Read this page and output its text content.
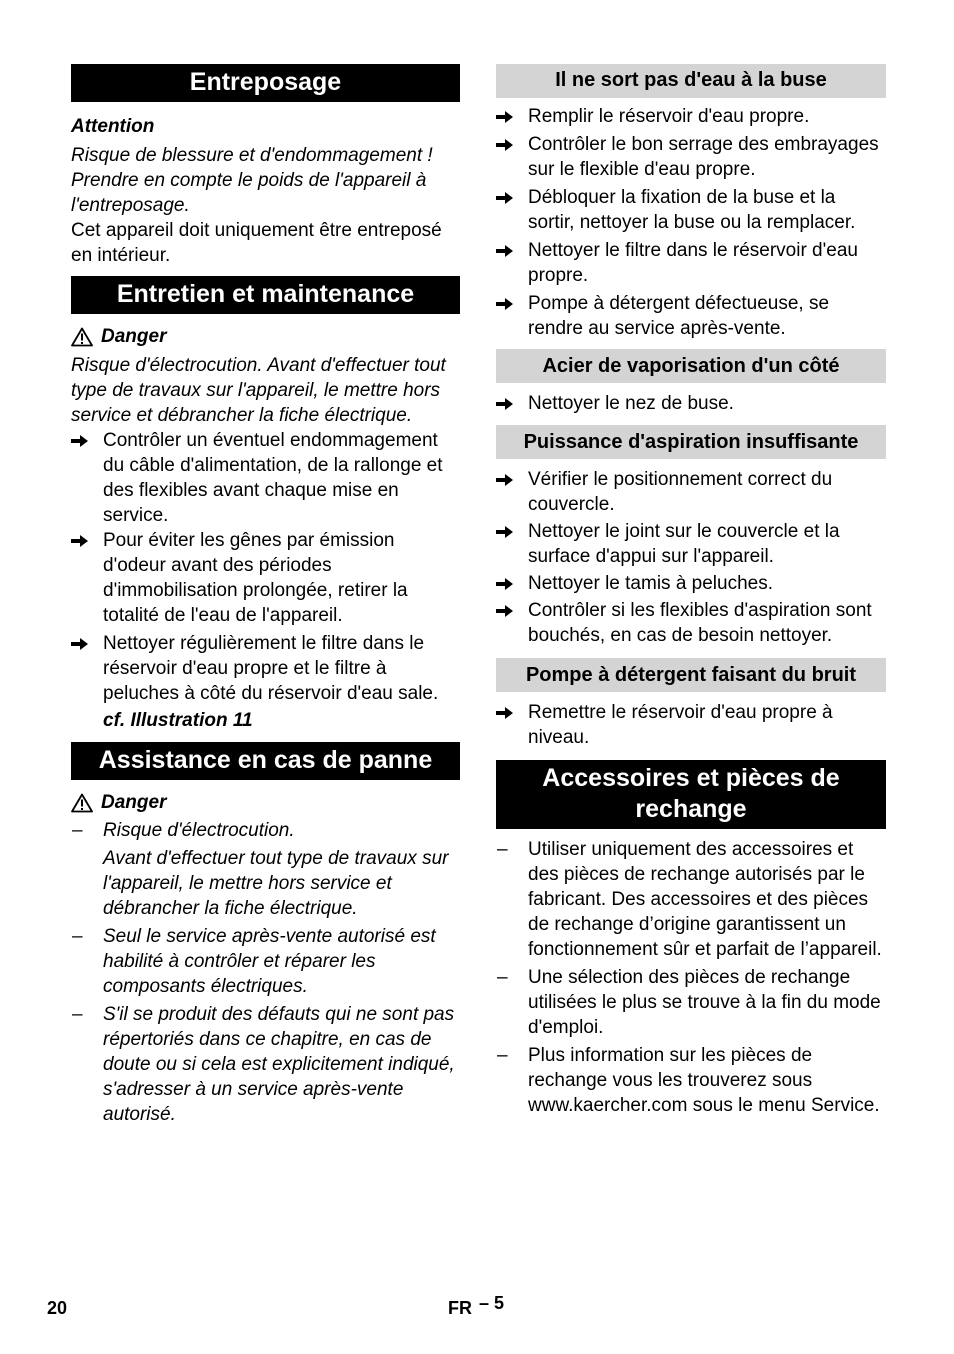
Entreposage

Attention

Risque de blessure et d'endommagement ! Prendre en compte le poids de l'appareil à l'entreposage.

Cet appareil doit uniquement être entreposé en intérieur.

Entretien et maintenance
Danger

Risque d'électrocution. Avant d'effectuer tout type de travaux sur l'appareil, le mettre hors service et débrancher la fiche électrique.

Contrôler un éventuel endommagement du câble d'alimentation, de la rallonge et des flexibles avant chaque mise en service.
Pour éviter les gênes par émission d'odeur avant des périodes d'immobilisation prolongée, retirer la totalité de l'eau de l'appareil.
Nettoyer régulièrement le filtre dans le réservoir d'eau propre et le filtre à peluches à côté du réservoir d'eau sale.

cf. Illustration 11

Assistance en cas de panne
Danger
– Risque d'électrocution.
Avant d'effectuer tout type de travaux sur l'appareil, le mettre hors service et débrancher la fiche électrique.
– Seul le service après-vente autorisé est habilité à contrôler et réparer les composants électriques.
– S'il se produit des défauts qui ne sont pas répertoriés dans ce chapitre, en cas de doute ou si cela est explicitement indiqué, s'adresser à un service après-vente autorisé.
Il ne sort pas d'eau à la buse
Remplir le réservoir d'eau propre.
Contrôler le bon serrage des embrayages sur le flexible d'eau propre.
Débloquer la fixation de la buse et la sortir, nettoyer la buse ou la remplacer.
Nettoyer le filtre dans le réservoir d'eau propre.
Pompe à détergent défectueuse, se rendre au service après-vente.
Acier de vaporisation d'un côté
Nettoyer le nez de buse.
Puissance d'aspiration insuffisante
Vérifier le positionnement correct du couvercle.
Nettoyer le joint sur le couvercle et la surface d'appui sur l'appareil.
Nettoyer le tamis à peluches.
Contrôler si les flexibles d'aspiration sont bouchés, en cas de besoin nettoyer.
Pompe à détergent faisant du bruit
Remettre le réservoir d'eau propre à niveau.
Accessoires et pièces de rechange
– Utiliser uniquement des accessoires et des pièces de rechange autorisés par le fabricant. Des accessoires et des pièces de rechange d’origine garantissent un fonctionnement sûr et parfait de l’appareil.
– Une sélection des pièces de rechange utilisées le plus se trouve à la fin du mode d'emploi.
– Plus information sur les pièces de rechange vous les trouverez sous www.kaercher.com sous le menu Service.
20	FR – 5
